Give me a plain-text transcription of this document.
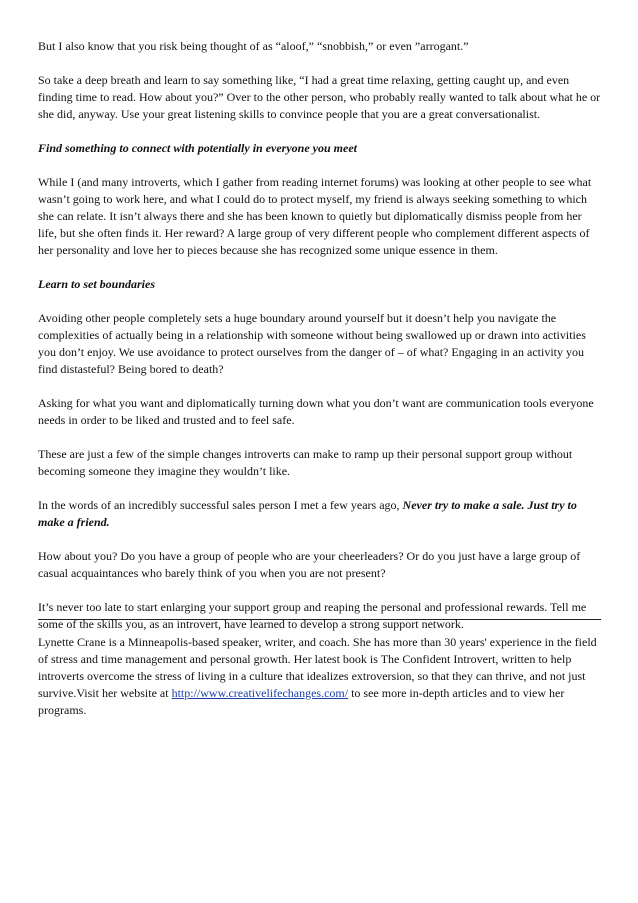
But I also know that you risk being thought of as “aloof,” “snobbish,” or even ”arrogant.”

So take a deep breath and learn to say something like, “I had a great time relaxing, getting caught up, and even finding time to read. How about you?” Over to the other person, who probably really wanted to talk about what he or she did, anyway. Use your great listening skills to convince people that you are a great conversationalist.

Find something to connect with potentially in everyone you meet

While I (and many introverts, which I gather from reading internet forums) was looking at other people to see what wasn’t going to work here, and what I could do to protect myself, my friend is always seeking something to which she can relate. It isn’t always there and she has been known to quietly but diplomatically dismiss people from her life, but she often finds it. Her reward? A large group of very different people who complement different aspects of her personality and love her to pieces because she has recognized some unique essence in them.

Learn to set boundaries

Avoiding other people completely sets a huge boundary around yourself but it doesn’t help you navigate the complexities of actually being in a relationship with someone without being swallowed up or drawn into activities you don’t enjoy. We use avoidance to protect ourselves from the danger of – of what? Engaging in an activity you find distasteful? Being bored to death?

Asking for what you want and diplomatically turning down what you don’t want are communication tools everyone needs in order to be liked and trusted and to feel safe.

These are just a few of the simple changes introverts can make to ramp up their personal support group without becoming someone they imagine they wouldn’t like.

In the words of an incredibly successful sales person I met a few years ago, Never try to make a sale. Just try to make a friend.

How about you? Do you have a group of people who are your cheerleaders? Or do you just have a large group of casual acquaintances who barely think of you when you are not present?

It’s never too late to start enlarging your support group and reaping the personal and professional rewards. Tell me some of the skills you, as an introvert, have learned to develop a strong support network.

Lynette Crane is a Minneapolis-based speaker, writer, and coach. She has more than 30 years' experience in the field of stress and time management and personal growth. Her latest book is The Confident Introvert, written to help introverts overcome the stress of living in a culture that idealizes extroversion, so that they can thrive, and not just survive.Visit her website at http://www.creativelifechanges.com/ to see more in-depth articles and to view her programs.
